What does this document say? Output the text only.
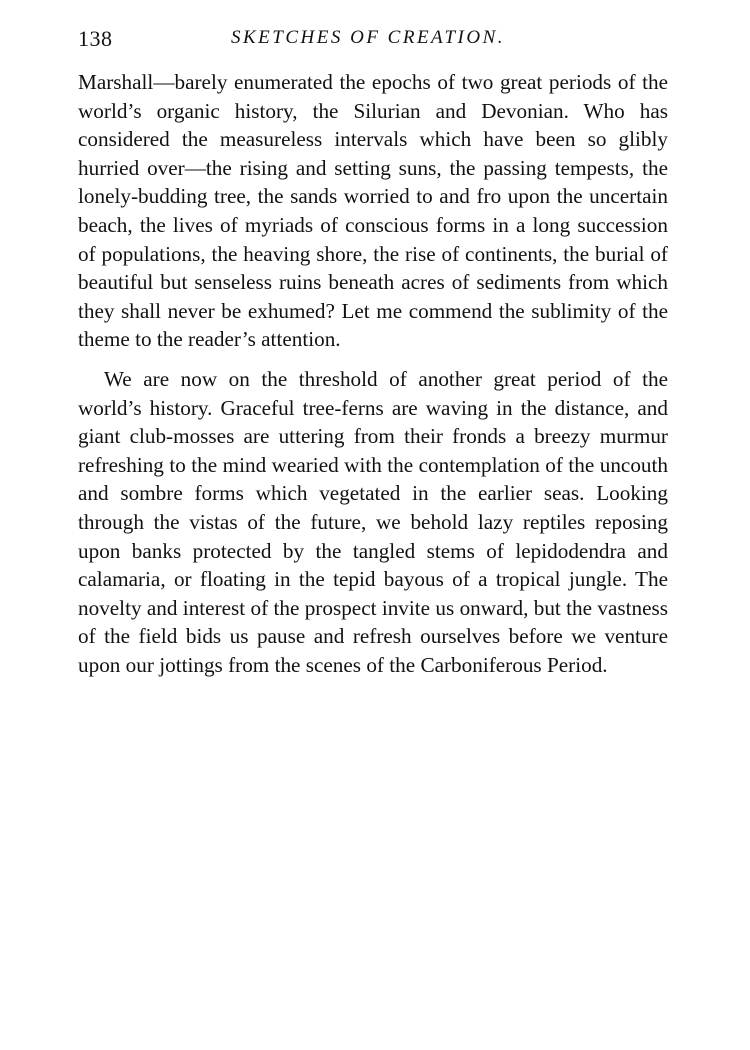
138	SKETCHES OF CREATION.

Marshall—barely enumerated the epochs of two great periods of the world’s organic history, the Silurian and Devonian. Who has considered the measureless intervals which have been so glibly hurried over—the rising and setting suns, the passing tempests, the lonely-budding tree, the sands worried to and fro upon the uncertain beach, the lives of myriads of conscious forms in a long succession of populations, the heaving shore, the rise of continents, the burial of beautiful but senseless ruins beneath acres of sediments from which they shall never be exhumed? Let me commend the sublimity of the theme to the reader’s attention.

We are now on the threshold of another great period of the world’s history. Graceful tree-ferns are waving in the distance, and giant club-mosses are uttering from their fronds a breezy murmur refreshing to the mind wearied with the contemplation of the uncouth and sombre forms which vegetated in the earlier seas. Looking through the vistas of the future, we behold lazy reptiles reposing upon banks protected by the tangled stems of lepidodendra and calamaria, or floating in the tepid bayous of a tropical jungle. The novelty and interest of the prospect invite us onward, but the vastness of the field bids us pause and refresh ourselves before we venture upon our jottings from the scenes of the Carboniferous Period.
